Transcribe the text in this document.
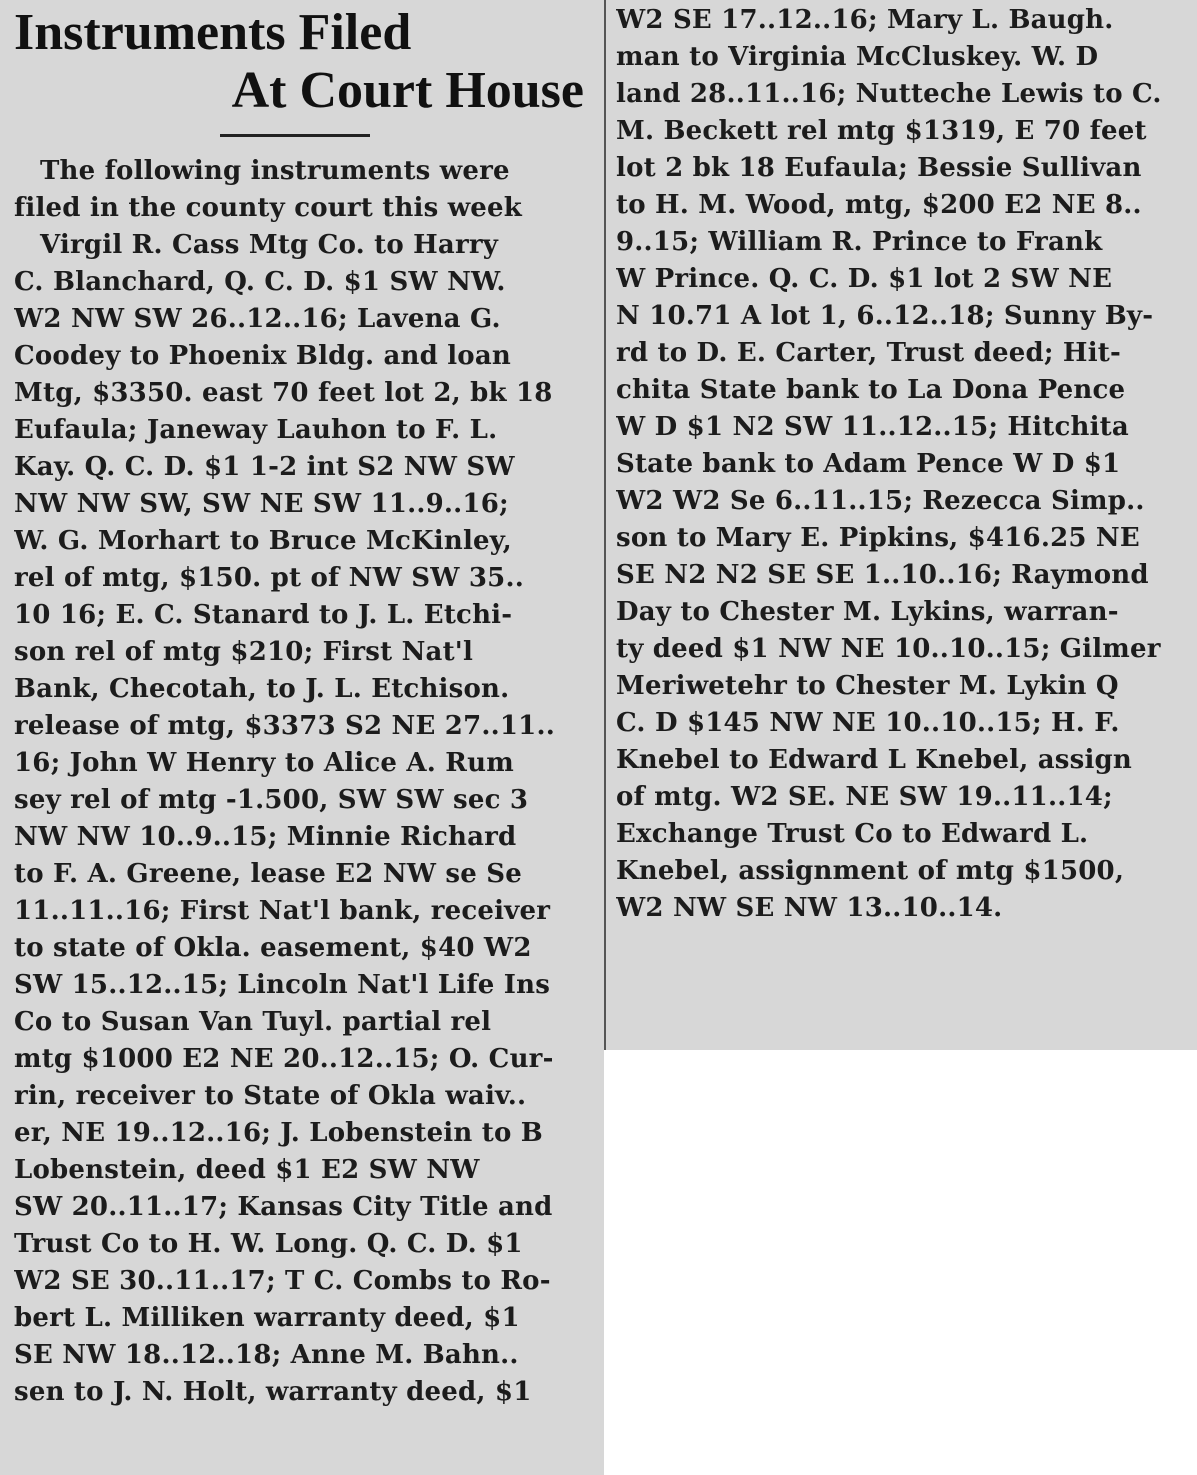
Instruments Filed
At Court House
The following instruments were
filed in the county court this week
Virgil R. Cass Mtg Co. to Harry
C. Blanchard, Q. C. D. $1 SW NW.
W2 NW SW 26..12..16; Lavena G.
Coodey to Phoenix Bldg. and loan
Mtg, $3350. east 70 feet lot 2, bk 18
Eufaula; Janeway Lauhon to F. L.
Kay. Q. C. D. $1 1-2 int S2 NW SW
NW NW SW, SW NE SW 11..9..16;
W. G. Morhart to Bruce McKinley,
rel of mtg, $150. pt of NW SW 35..
10 16; E. C. Stanard to J. L. Etchi-
son rel of mtg $210; First Nat'l
Bank, Checotah, to J. L. Etchison.
release of mtg, $3373 S2 NE 27..11..
16; John W Henry to Alice A. Rum
sey rel of mtg -1.500, SW SW sec 3
NW NW 10..9..15; Minnie Richard
to F. A. Greene, lease E2 NW se Se
11..11..16; First Nat'l bank, receiver
to state of Okla. easement, $40 W2
SW 15..12..15; Lincoln Nat'l Life Ins
Co to Susan Van Tuyl. partial rel
mtg $1000 E2 NE 20..12..15; O. Cur-
rin, receiver to State of Okla waiv..
er, NE 19..12..16; J. Lobenstein to B
Lobenstein, deed $1 E2 SW NW
SW 20..11..17; Kansas City Title and
Trust Co to H. W. Long. Q. C. D. $1
W2 SE 30..11..17; T C. Combs to Ro-
bert L. Milliken warranty deed, $1
SE NW 18..12..18; Anne M. Bahn..
sen to J. N. Holt, warranty deed, $1
W2 SE 17..12..16; Mary L. Baugh.
man to Virginia McCluskey. W. D
land 28..11..16; Nutteche Lewis to C.
M. Beckett rel mtg $1319, E 70 feet
lot 2 bk 18 Eufaula; Bessie Sullivan
to H. M. Wood, mtg, $200 E2 NE 8..
9..15; William R. Prince to Frank
W Prince. Q. C. D. $1 lot 2 SW NE
N 10.71 A lot 1, 6..12..18; Sunny By-
rd to D. E. Carter, Trust deed; Hit-
chita State bank to La Dona Pence
W D $1 N2 SW 11..12..15; Hitchita
State bank to Adam Pence W D $1
W2 W2 Se 6..11..15; Rezecca Simp..
son to Mary E. Pipkins, $416.25 NE
SE N2 N2 SE SE 1..10..16; Raymond
Day to Chester M. Lykins, warran-
ty deed $1 NW NE 10..10..15; Gilmer
Meriwetehr to Chester M. Lykin Q
C. D $145 NW NE 10..10..15; H. F.
Knebel to Edward L Knebel, assign
of mtg. W2 SE. NE SW 19..11..14;
Exchange Trust Co to Edward L.
Knebel, assignment of mtg $1500,
W2 NW SE NW 13..10..14.
